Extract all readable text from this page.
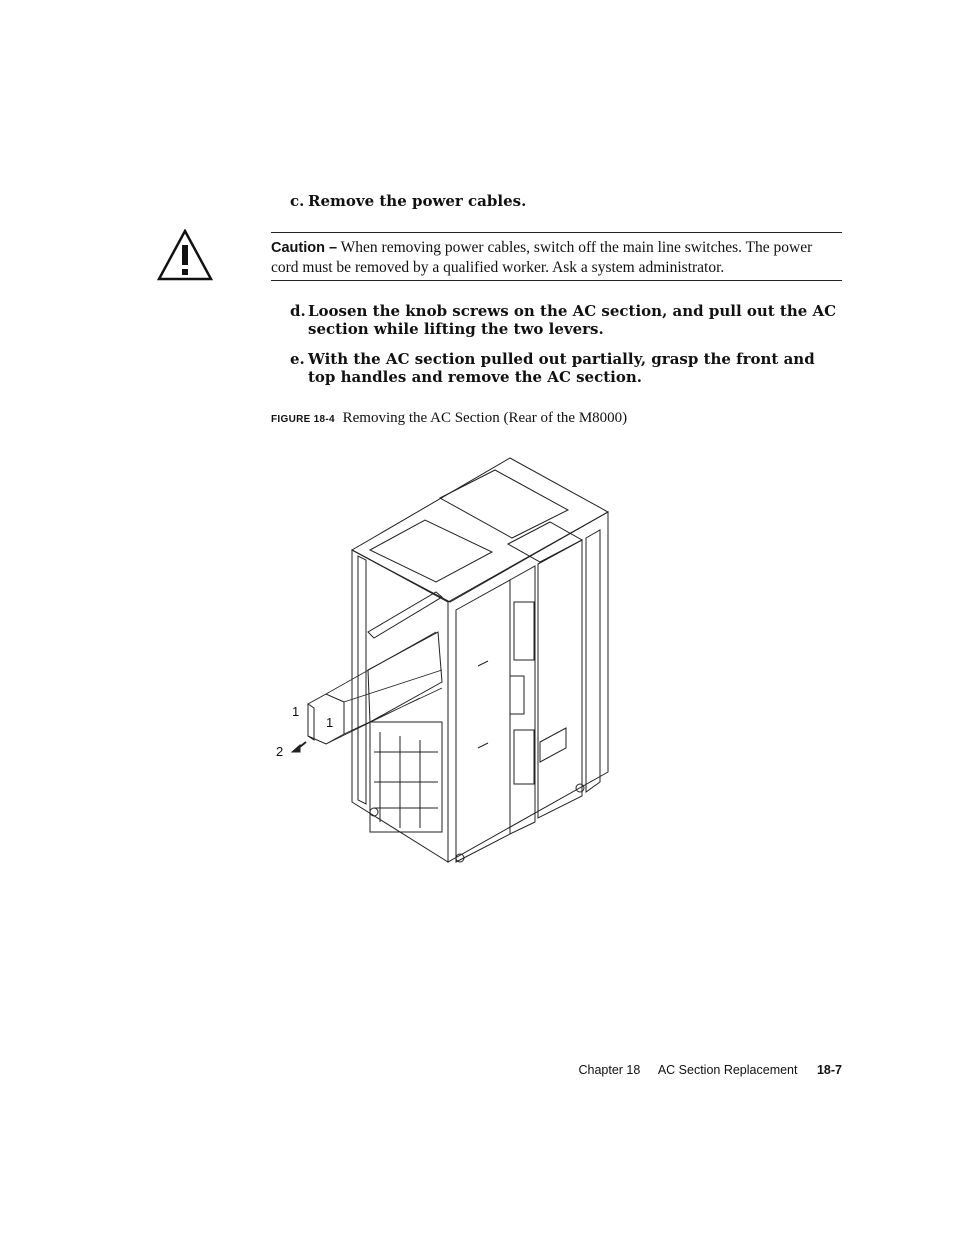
c. Remove the power cables.
Caution – When removing power cables, switch off the main line switches. The power cord must be removed by a qualified worker. Ask a system administrator.
d. Loosen the knob screws on the AC section, and pull out the AC section while lifting the two levers.
e. With the AC section pulled out partially, grasp the front and top handles and remove the AC section.
FIGURE 18-4 Removing the AC Section (Rear of the M8000)
1
1
2
Chapter 18 AC Section Replacement 18-7
